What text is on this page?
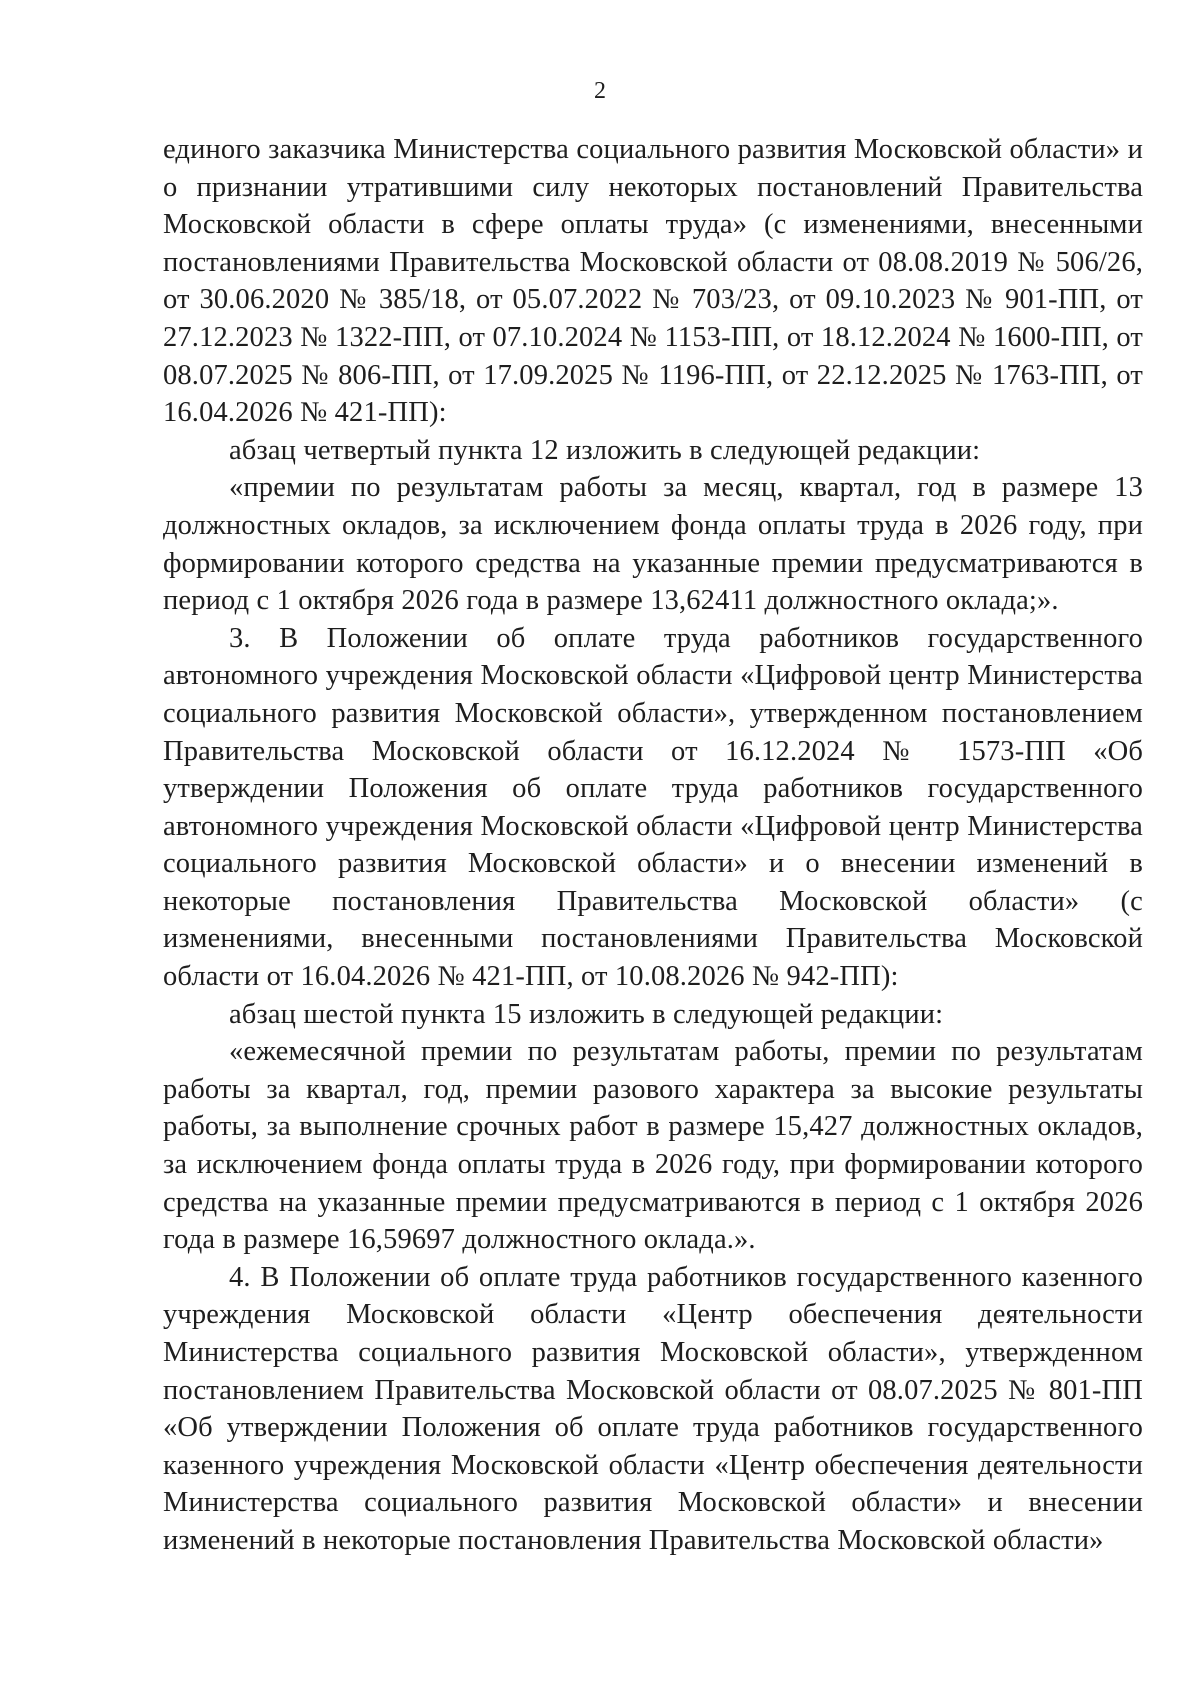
2

единого заказчика Министерства социального развития Московской области» и о признании утратившими силу некоторых постановлений Правительства Московской области в сфере оплаты труда» (с изменениями, внесенными постановлениями Правительства Московской области от 08.08.2019 № 506/26, от 30.06.2020 № 385/18, от 05.07.2022 № 703/23, от 09.10.2023 № 901-ПП, от 27.12.2023 № 1322-ПП, от 07.10.2024 № 1153-ПП, от 18.12.2024 № 1600-ПП, от 08.07.2025 № 806-ПП, от 17.09.2025 № 1196-ПП, от 22.12.2025 № 1763-ПП, от 16.04.2026 № 421-ПП):

абзац четвертый пункта 12 изложить в следующей редакции:

«премии по результатам работы за месяц, квартал, год в размере 13 должностных окладов, за исключением фонда оплаты труда в 2026 году, при формировании которого средства на указанные премии предусматриваются в период с 1 октября 2026 года в размере 13,62411 должностного оклада;».

3. В Положении об оплате труда работников государственного автономного учреждения Московской области «Цифровой центр Министерства социального развития Московской области», утвержденном постановлением Правительства Московской области от 16.12.2024 № 1573-ПП «Об утверждении Положения об оплате труда работников государственного автономного учреждения Московской области «Цифровой центр Министерства социального развития Московской области» и о внесении изменений в некоторые постановления Правительства Московской области» (с изменениями, внесенными постановлениями Правительства Московской области от 16.04.2026 № 421-ПП, от 10.08.2026 № 942-ПП):

абзац шестой пункта 15 изложить в следующей редакции:

«ежемесячной премии по результатам работы, премии по результатам работы за квартал, год, премии разового характера за высокие результаты работы, за выполнение срочных работ в размере 15,427 должностных окладов, за исключением фонда оплаты труда в 2026 году, при формировании которого средства на указанные премии предусматриваются в период с 1 октября 2026 года в размере 16,59697 должностного оклада.».

4. В Положении об оплате труда работников государственного казенного учреждения Московской области «Центр обеспечения деятельности Министерства социального развития Московской области», утвержденном постановлением Правительства Московской области от 08.07.2025 № 801-ПП «Об утверждении Положения об оплате труда работников государственного казенного учреждения Московской области «Центр обеспечения деятельности Министерства социального развития Московской области» и внесении изменений в некоторые постановления Правительства Московской области»
